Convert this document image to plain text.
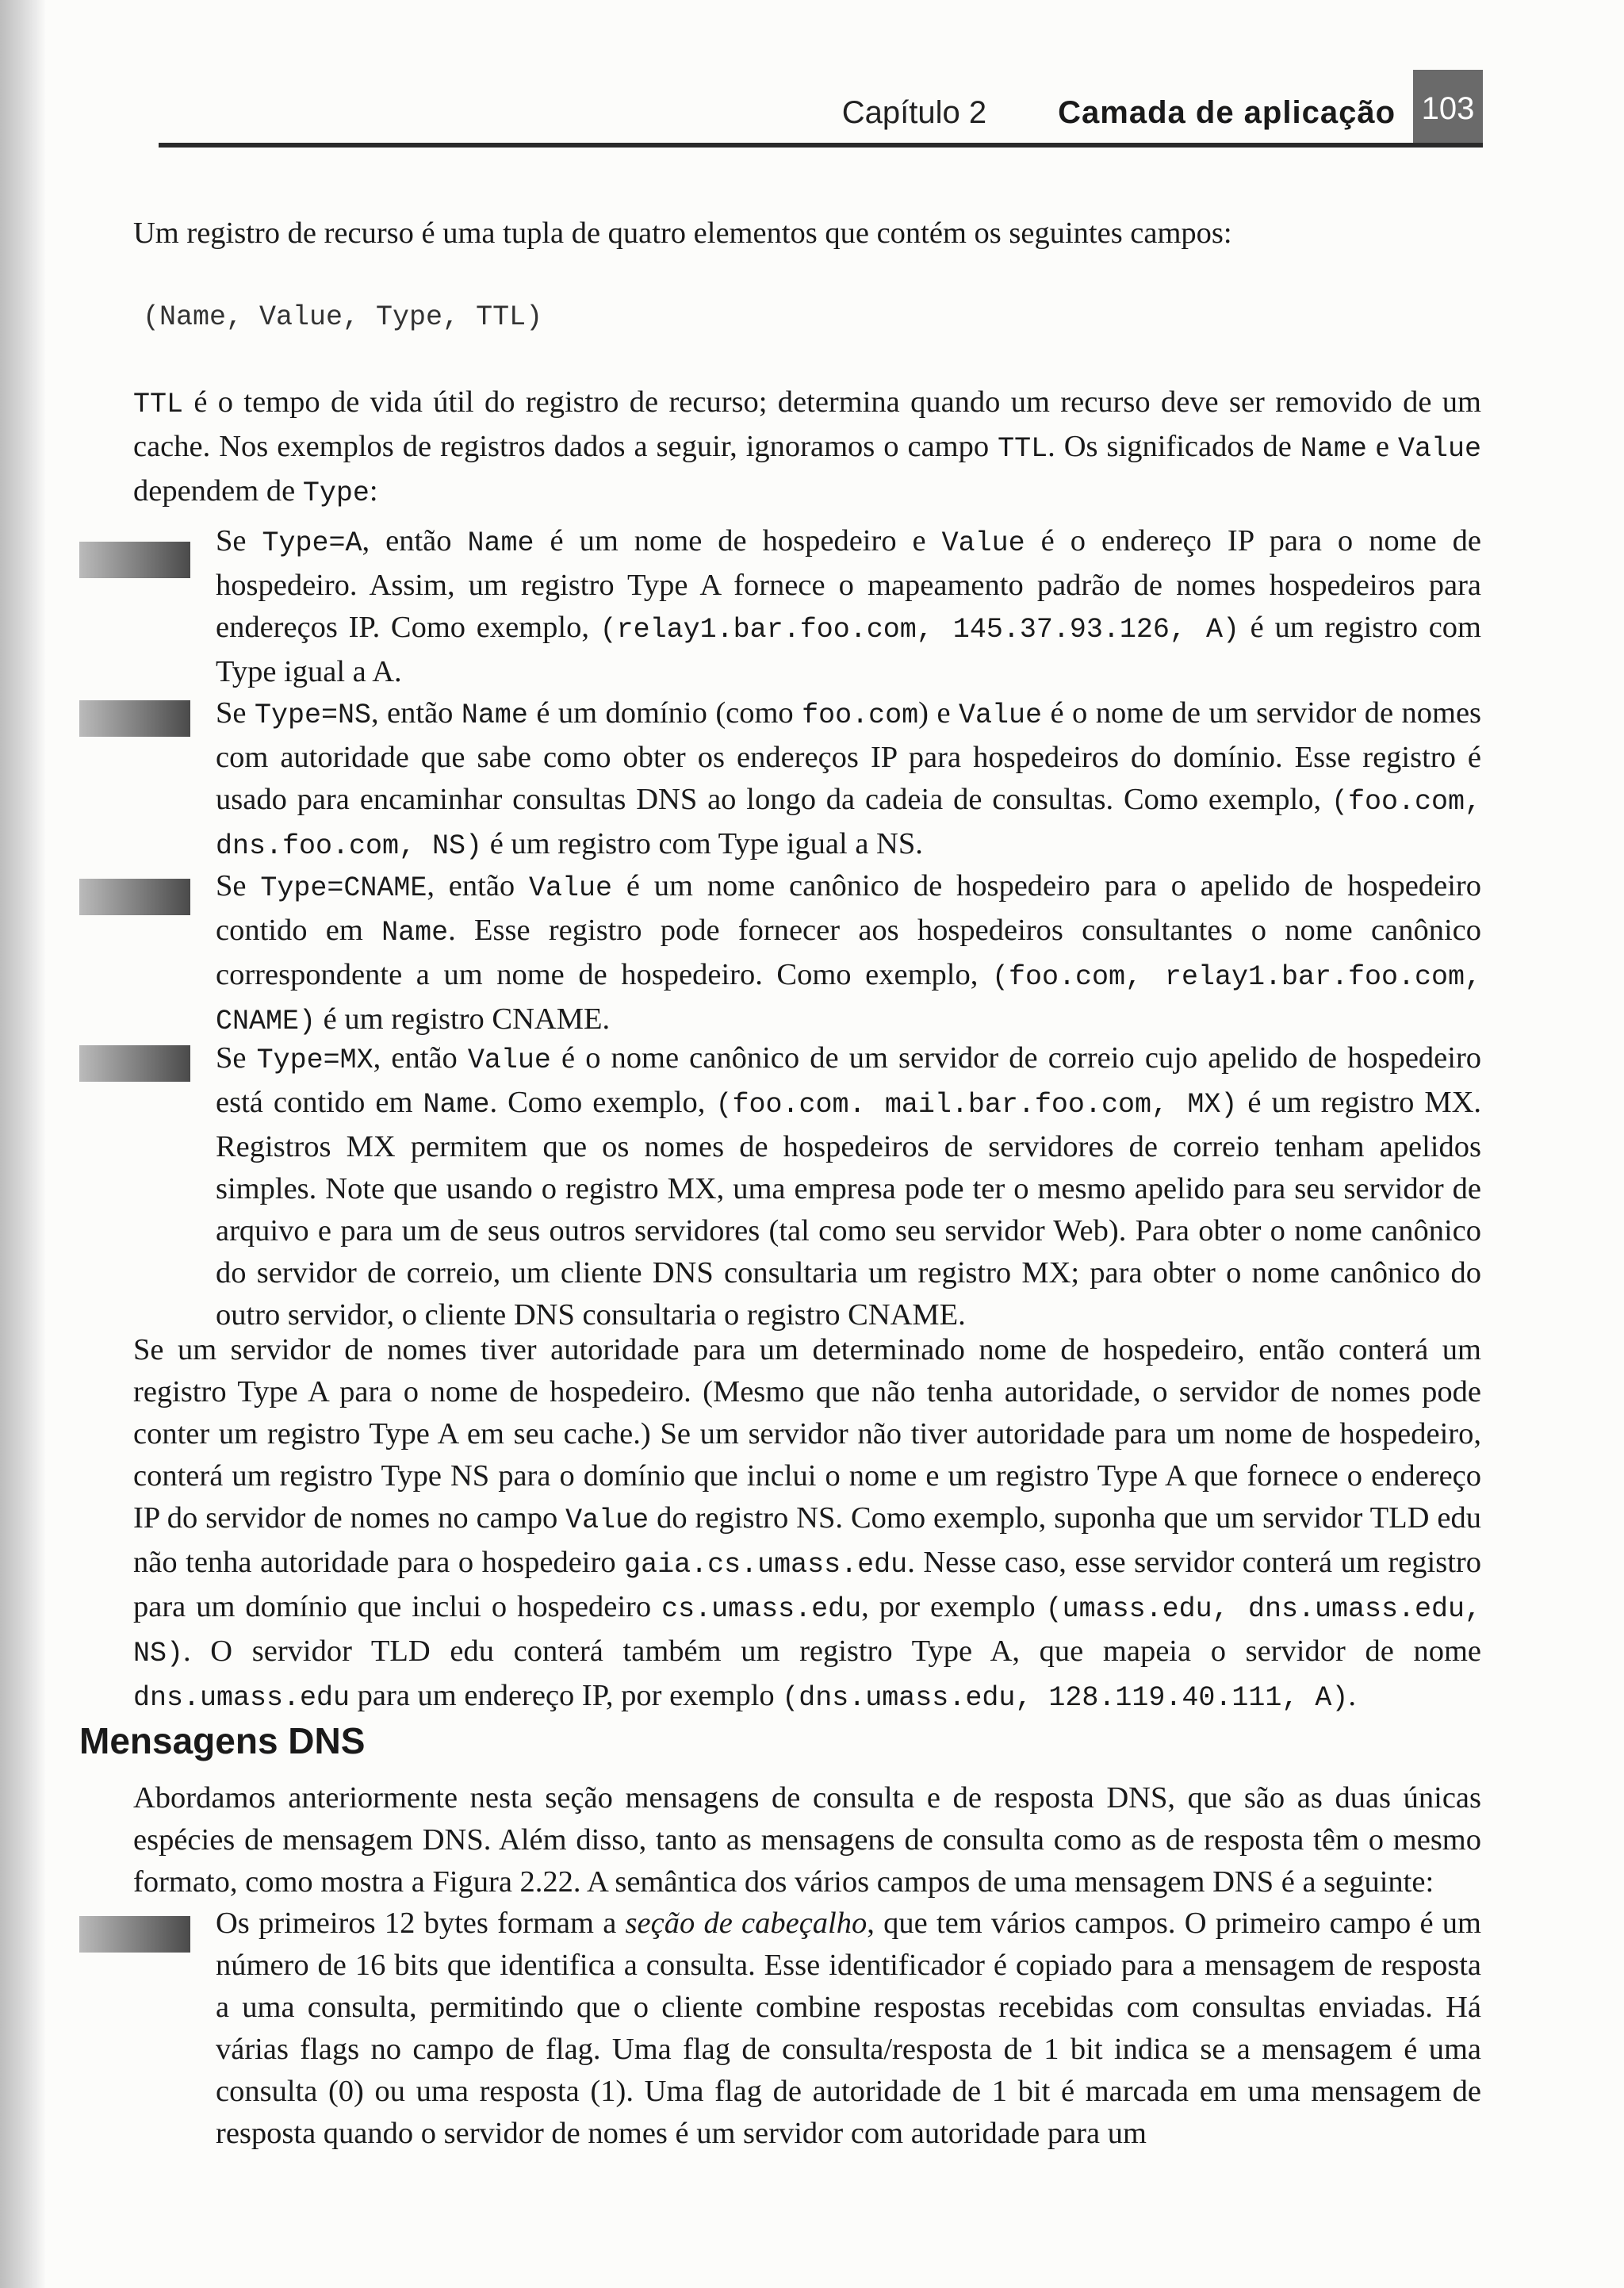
Capítulo 2 Camada de aplicação 103

Um registro de recurso é uma tupla de quatro elementos que contém os seguintes campos:

(Name, Value, Type, TTL)

TTL é o tempo de vida útil do registro de recurso; determina quando um recurso deve ser removido de um cache. Nos exemplos de registros dados a seguir, ignoramos o campo TTL. Os significados de Name e Value dependem de Type:

Se Type=A, então Name é um nome de hospedeiro e Value é o endereço IP para o nome de hospedeiro. Assim, um registro Type A fornece o mapeamento padrão de nomes hospedeiros para endereços IP. Como exemplo, (relay1.bar.foo.com, 145.37.93.126, A) é um registro com Type igual a A.

Se Type=NS, então Name é um domínio (como foo.com) e Value é o nome de um servidor de nomes com autoridade que sabe como obter os endereços IP para hospedeiros do domínio. Esse registro é usado para encaminhar consultas DNS ao longo da cadeia de consultas. Como exemplo, (foo.com, dns.foo.com, NS) é um registro com Type igual a NS.

Se Type=CNAME, então Value é um nome canônico de hospedeiro para o apelido de hospedeiro contido em Name. Esse registro pode fornecer aos hospedeiros consultantes o nome canônico correspondente a um nome de hospedeiro. Como exemplo, (foo.com, relay1.bar.foo.com, CNAME) é um registro CNAME.

Se Type=MX, então Value é o nome canônico de um servidor de correio cujo apelido de hospedeiro está contido em Name. Como exemplo, (foo.com. mail.bar.foo.com, MX) é um registro MX. Registros MX permitem que os nomes de hospedeiros de servidores de correio tenham apelidos simples. Note que usando o registro MX, uma empresa pode ter o mesmo apelido para seu servidor de arquivo e para um de seus outros servidores (tal como seu servidor Web). Para obter o nome canônico do servidor de correio, um cliente DNS consultaria um registro MX; para obter o nome canônico do outro servidor, o cliente DNS consultaria o registro CNAME.

Se um servidor de nomes tiver autoridade para um determinado nome de hospedeiro, então conterá um registro Type A para o nome de hospedeiro. (Mesmo que não tenha autoridade, o servidor de nomes pode conter um registro Type A em seu cache.) Se um servidor não tiver autoridade para um nome de hospedeiro, conterá um registro Type NS para o domínio que inclui o nome e um registro Type A que fornece o endereço IP do servidor de nomes no campo Value do registro NS. Como exemplo, suponha que um servidor TLD edu não tenha autoridade para o hospedeiro gaia.cs.umass.edu. Nesse caso, esse servidor conterá um registro para um domínio que inclui o hospedeiro cs.umass.edu, por exemplo (umass.edu, dns.umass.edu, NS). O servidor TLD edu conterá também um registro Type A, que mapeia o servidor de nome dns.umass.edu para um endereço IP, por exemplo (dns.umass.edu, 128.119.40.111, A).

Mensagens DNS

Abordamos anteriormente nesta seção mensagens de consulta e de resposta DNS, que são as duas únicas espécies de mensagem DNS. Além disso, tanto as mensagens de consulta como as de resposta têm o mesmo formato, como mostra a Figura 2.22. A semântica dos vários campos de uma mensagem DNS é a seguinte:

Os primeiros 12 bytes formam a seção de cabeçalho, que tem vários campos. O primeiro campo é um número de 16 bits que identifica a consulta. Esse identificador é copiado para a mensagem de resposta a uma consulta, permitindo que o cliente combine respostas recebidas com consultas enviadas. Há várias flags no campo de flag. Uma flag de consulta/resposta de 1 bit indica se a mensagem é uma consulta (0) ou uma resposta (1). Uma flag de autoridade de 1 bit é marcada em uma mensagem de resposta quando o servidor de nomes é um servidor com autoridade para um
